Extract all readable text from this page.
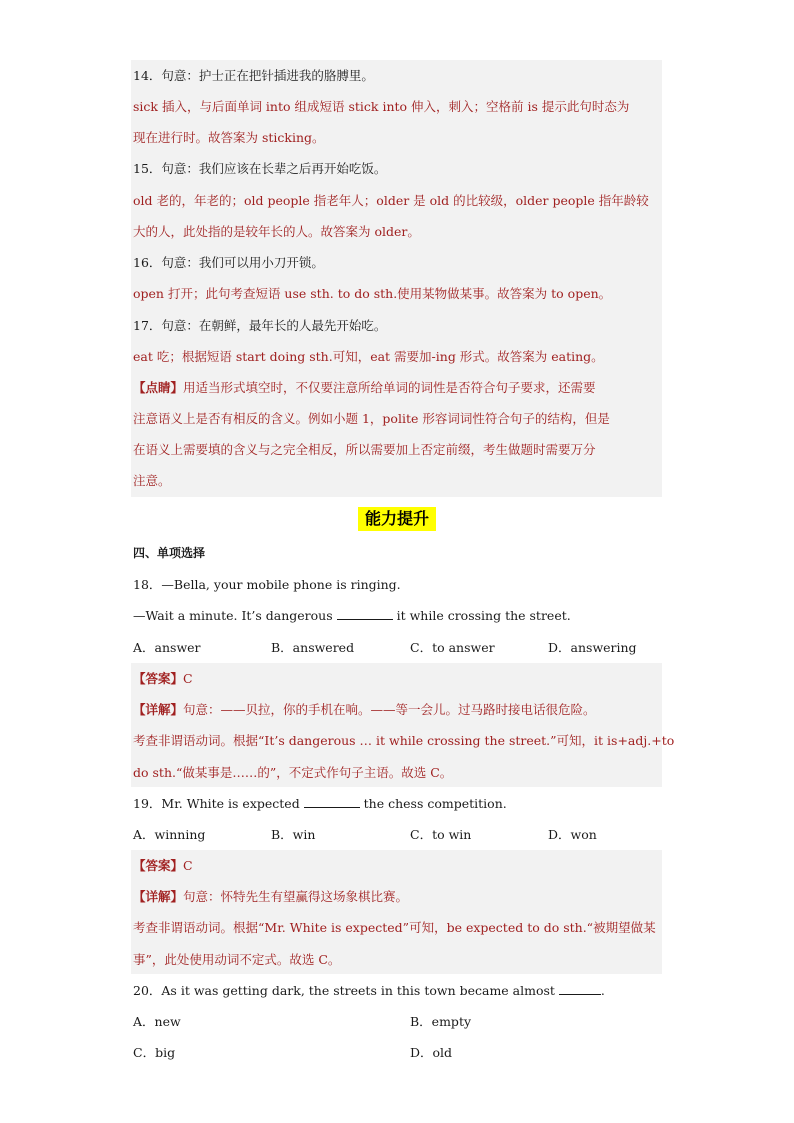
14．句意：护士正在把针插进我的胳膊里。
sick 插入，与后面单词 into 组成短语 stick into 伸入，刺入；空格前 is 提示此句时态为
现在进行时。故答案为 sticking。
15．句意：我们应该在长辈之后再开始吃饭。
old 老的，年老的；old people 指老年人；older 是 old 的比较级，older people 指年龄较
大的人，此处指的是较年长的人。故答案为 older。
16．句意：我们可以用小刀开锁。
open 打开；此句考查短语 use sth. to do sth.使用某物做某事。故答案为 to open。
17．句意：在朝鲜，最年长的人最先开始吃。
eat 吃；根据短语 start doing sth.可知，eat 需要加-ing 形式。故答案为 eating。
【点睛】用适当形式填空时，不仅要注意所给单词的词性是否符合句子要求，还需要
注意语义上是否有相反的含义。例如小题 1，polite 形容词词性符合句子的结构，但是
在语义上需要填的含义与之完全相反，所以需要加上否定前缀，考生做题时需要万分
注意。
能力提升
四、单项选择
18．—Bella, your mobile phone is ringing.
—Wait a minute. It’s dangerous	it while crossing the street.
A．answer	B．answered	C．to answer	D．answering
【答案】C
【详解】句意：——贝拉，你的手机在响。——等一会儿。过马路时接电话很危险。
考查非谓语动词。根据“It’s dangerous … it while crossing the street.”可知，it is+adj.+to
do sth.“做某事是……的”，不定式作句子主语。故选 C。
19．Mr. White is expected	the chess competition.
A．winning	B．win	C．to win	D．won
【答案】C
【详解】句意：怀特先生有望赢得这场象棋比赛。
考查非谓语动词。根据“Mr. White is expected”可知，be expected to do sth.“被期望做某
事”，此处使用动词不定式。故选 C。
20．As it was getting dark, the streets in this town became almost	.
A．new	B．empty
C．big	D．old
